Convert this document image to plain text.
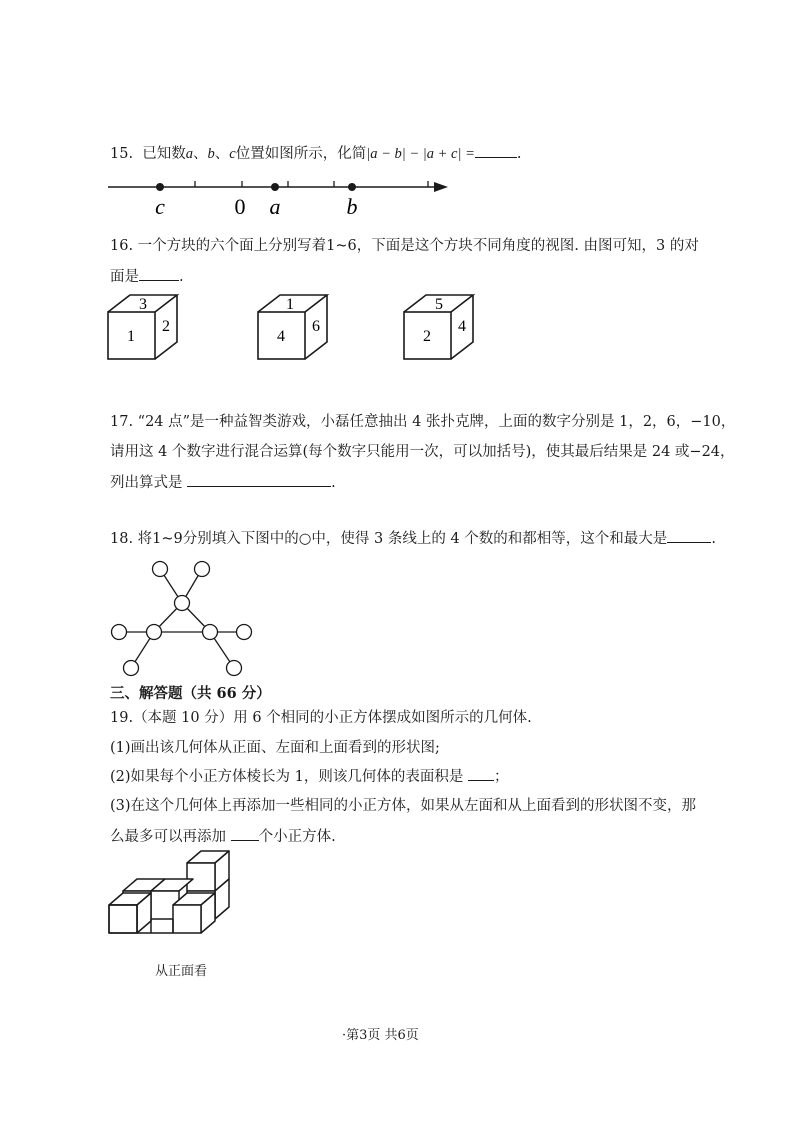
15. 已知数a、b、c位置如图所示，化简|a − b| − |a + c| =	.
c	0 a	b
16. 一个方块的六个面上分别写着1~6，下面是这个方块不同角度的视图. 由图可知，3 的对
面是	.
1
3
2
4
1
6
2
5
4
17. “24 点”是一种益智类游戏，小磊任意抽出 4 张扑克牌，上面的数字分别是 1，2，6，−10，
请用这 4 个数字进行混合运算(每个数字只能用一次，可以加括号)，使其最后结果是 24 或−24，
列出算式是	.
18. 将1~9分别填入下图中的○中，使得 3 条线上的 4 个数的和都相等，这个和最大是	.
三、解答题（共 66 分）
19.（本题 10 分）用 6 个相同的小正方体摆成如图所示的几何体.
(1)画出该几何体从正面、左面和上面看到的形状图;
(2)如果每个小正方体棱长为 1，则该几何体的表面积是 ；
(3)在这个几何体上再添加一些相同的小正方体，如果从左面和从上面看到的形状图不变，那
么最多可以再添加 个小正方体.
从正面看
·第3页 共6页
